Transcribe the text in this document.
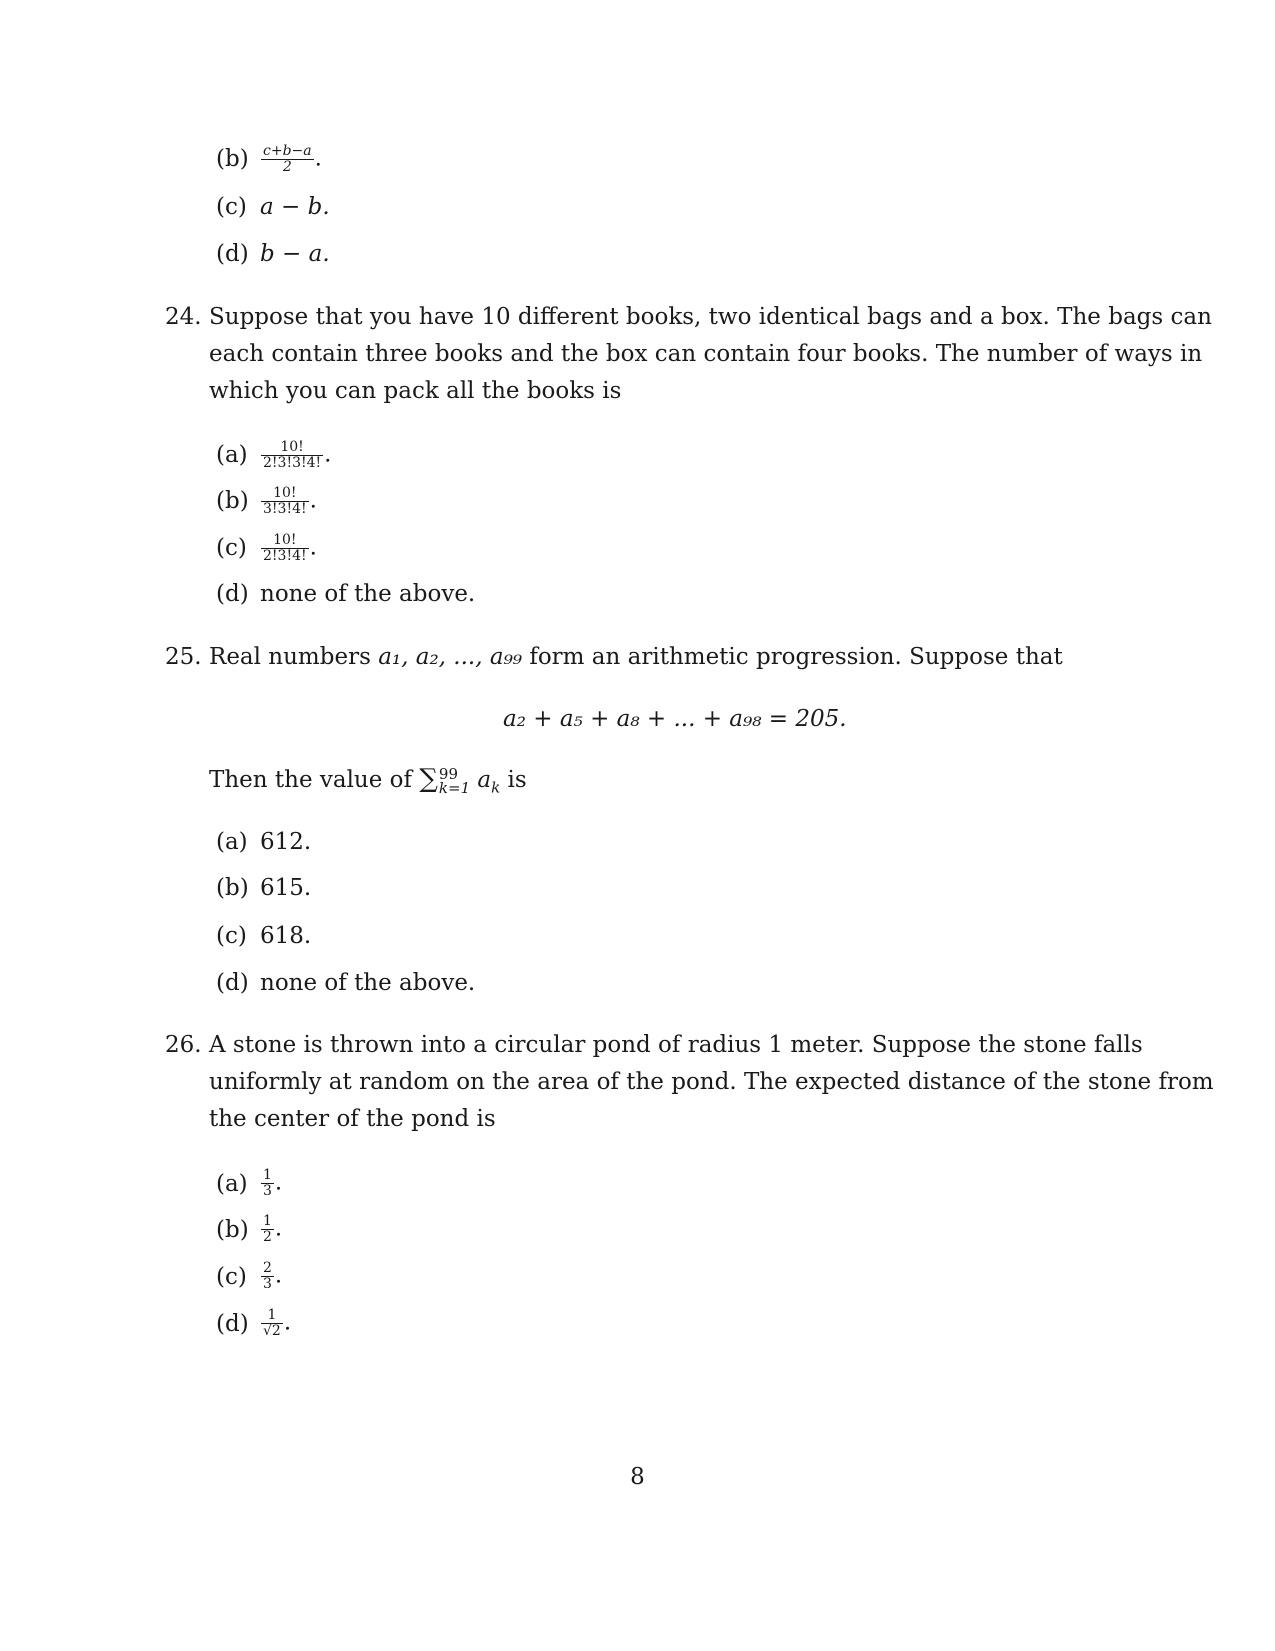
$(b) \frac{c+b-a}{2}$ .
(c) a − b.
(d) b − a.
24. Suppose that you have 10 different books, two identical bags and a box. The bags can
each contain three books and the box can contain four books. The number of ways in
which you can pack all the books is
$(a) \frac{10!}{2!3!3!4!}$ .
$(b) \frac{10!}{3!3!4!}$ .
$(c) \frac{10!}{2!3!4!}$ .
(d) none of the above.
25. Real numbers a₁, a₂, ..., a₉₉ form an arithmetic progression. Suppose that
a₂ + a₅ + a₈ + ... + a₉₈ = 205.
Then the value of ∑ 99
k=1 $a_k$ is
(a) 612.
(b) 615.
(c) 618.
(d) none of the above.
26. A stone is thrown into a circular pond of radius 1 meter. Suppose the stone falls
uniformly at random on the area of the pond. The expected distance of the stone from
the center of the pond is
$(a) \frac{1}{3}$ .
$(b) \frac{1}{2}$ .
$(c) \frac{2}{3}$ .
$(d) \frac{1}{√2}$ .
8
